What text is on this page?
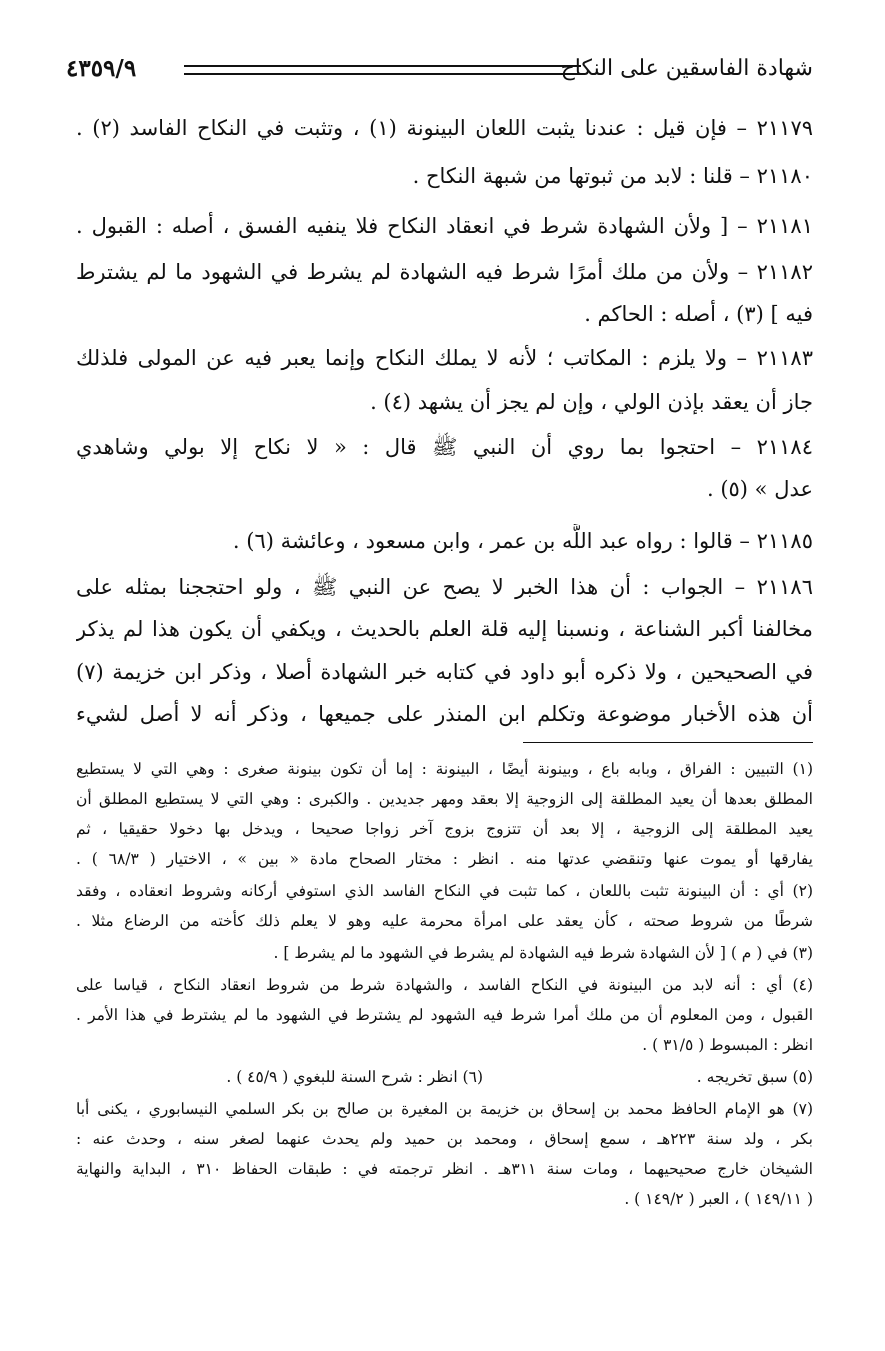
شهادة الفاسقين على النكاح
٤٣٥٩/٩
٢١١٧٩ – فإن قيل : عندنا يثبت اللعان البينونة (١) ، وتثبت في النكاح الفاسد (٢) .
٢١١٨٠ – قلنا : لابد من ثبوتها من شبهة النكاح .
٢١١٨١ – [ ولأن الشهادة شرط في انعقاد النكاح فلا ينفيه الفسق ، أصله : القبول .
٢١١٨٢ – ولأن من ملك أمرًا شرط فيه الشهادة لم يشرط في الشهود ما لم يشترط
فيه ] (٣) ، أصله : الحاكم .
٢١١٨٣ – ولا يلزم : المكاتب ؛ لأنه لا يملك النكاح وإنما يعبر فيه عن المولى فلذلك
جاز أن يعقد بإذن الولي ، وإن لم يجز أن يشهد (٤) .
٢١١٨٤ – احتجوا بما روي أن النبي ﷺ قال : « لا نكاح إلا بولي وشاهدي
عدل » (٥) .
٢١١٨٥ – قالوا : رواه عبد اللَّه بن عمر ، وابن مسعود ، وعائشة (٦) .
٢١١٨٦ – الجواب : أن هذا الخبر لا يصح عن النبي ﷺ ، ولو احتججنا بمثله على
مخالفنا أكبر الشناعة ، ونسبنا إليه قلة العلم بالحديث ، ويكفي أن يكون هذا لم يذكر
في الصحيحين ، ولا ذكره أبو داود في كتابه خبر الشهادة أصلا ، وذكر ابن خزيمة (٧)
أن هذه الأخبار موضوعة وتكلم ابن المنذر على جميعها ، وذكر أنه لا أصل لشيء
(١) التبيين : الفراق ، وبابه باع ، وبينونة أيضًا ، البينونة : إما أن تكون بينونة صغرى : وهي التي لا يستطيع
المطلق بعدها أن يعيد المطلقة إلى الزوجية إلا بعقد ومهر جديدين . والكبرى : وهي التي لا يستطيع المطلق أن
يعيد المطلقة إلى الزوجية ، إلا بعد أن تتزوج بزوج آخر زواجا صحيحا ، ويدخل بها دخولا حقيقيا ، ثم
يفارقها أو يموت عنها وتنقضي عدتها منه . انظر : مختار الصحاح مادة « بين » ، الاختيار ( ٦٨/٣ ) .
(٢) أي : أن البينونة تثبت باللعان ، كما تثبت في النكاح الفاسد الذي استوفي أركانه وشروط انعقاده ، وفقد
شرطًا من شروط صحته ، كأن يعقد على امرأة محرمة عليه وهو لا يعلم ذلك كأخته من الرضاع مثلا .
(٣) في ( م ) [ لأن الشهادة شرط فيه الشهادة لم يشرط في الشهود ما لم يشرط ] .
(٤) أي : أنه لابد من البينونة في النكاح الفاسد ، والشهادة شرط من شروط انعقاد النكاح ، قياسا على
القبول ، ومن المعلوم أن من ملك أمرا شرط فيه الشهود لم يشترط في الشهود ما لم يشترط في هذا الأمر .
انظر : المبسوط ( ٣١/٥ ) .
(٥) سبق تخريجه .
(٦) انظر : شرح السنة للبغوي ( ٤٥/٩ ) .
(٧) هو الإمام الحافظ محمد بن إسحاق بن خزيمة بن المغيرة بن صالح بن بكر السلمي النيسابوري ، يكنى أبا
بكر ، ولد سنة ٢٢٣هـ ، سمع إسحاق ، ومحمد بن حميد ولم يحدث عنهما لصغر سنه ، وحدث عنه :
الشيخان خارج صحيحيهما ، ومات سنة ٣١١هـ . انظر ترجمته في : طبقات الحفاظ ٣١٠ ، البداية والنهاية
( ١٤٩/١١ ) ، العبر ( ١٤٩/٢ ) .
